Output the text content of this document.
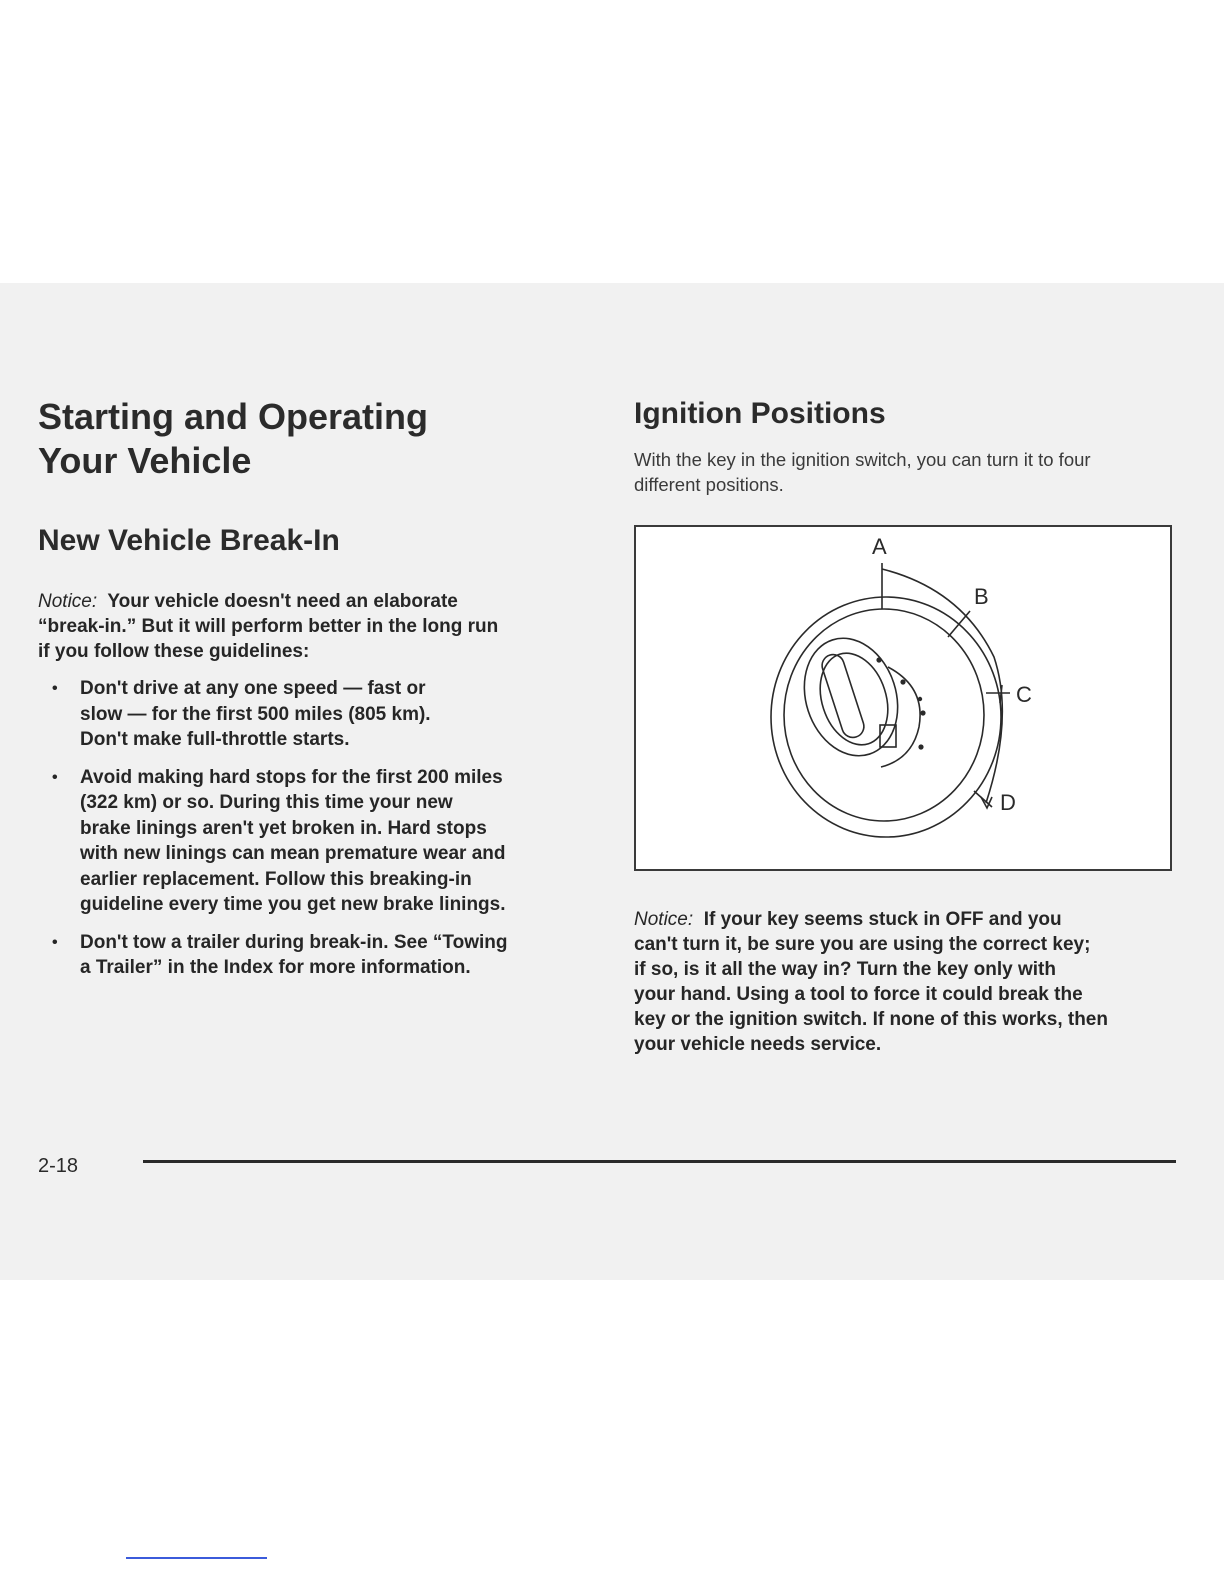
Starting and Operating
Your Vehicle
New Vehicle Break-In

Notice: Your vehicle doesn't need an elaborate
“break-in.” But it will perform better in the long run
if you follow these guidelines:

• Don't drive at any one speed — fast or
slow — for the first 500 miles (805 km).
Don't make full-throttle starts.
• Avoid making hard stops for the first 200 miles
(322 km) or so. During this time your new
brake linings aren't yet broken in. Hard stops
with new linings can mean premature wear and
earlier replacement. Follow this breaking-in
guideline every time you get new brake linings.
• Don't tow a trailer during break-in. See “Towing
a Trailer” in the Index for more information.
Ignition Positions

With the key in the ignition switch, you can turn it to four
different positions.

A
B
C
D

Notice: If your key seems stuck in OFF and you
can't turn it, be sure you are using the correct key;
if so, is it all the way in? Turn the key only with
your hand. Using a tool to force it could break the
key or the ignition switch. If none of this works, then
your vehicle needs service.

2-18
